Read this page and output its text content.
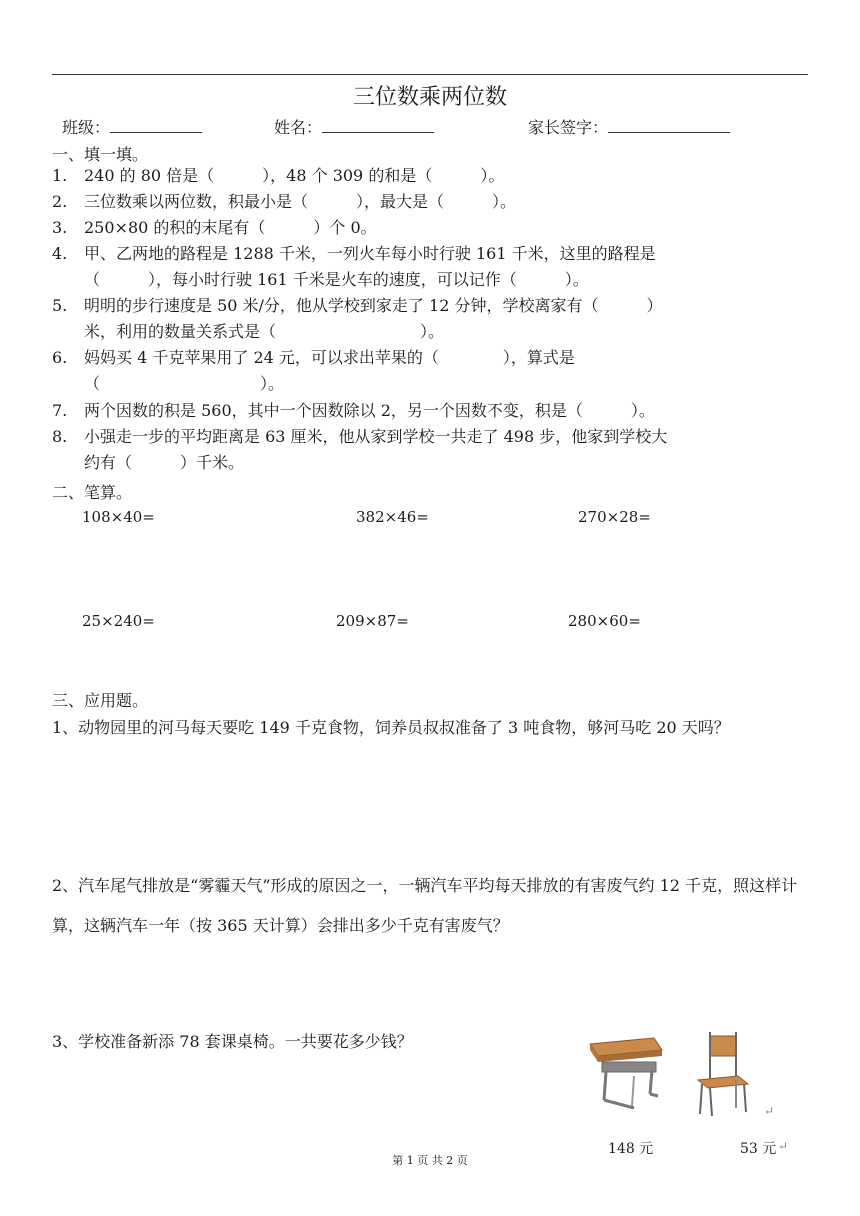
三位数乘两位数
班级：	姓名：	家长签字：
一、填一填。
1.	240 的 80 倍是（　　　），48 个 309 的和是（　　　）。
2.	三位数乘以两位数，积最小是（　　　），最大是（　　　）。
3.	250×80 的积的末尾有（　　　）个 0。
4.	甲、乙两地的路程是 1288 千米，一列火车每小时行驶 161 千米，这里的路程是
（　　　），每小时行驶 161 千米是火车的速度，可以记作（　　　）。
5.	明明的步行速度是 50 米/分，他从学校到家走了 12 分钟，学校离家有（　　　）
米，利用的数量关系式是（　　　　　　　　　）。
6.	妈妈买 4 千克苹果用了 24 元，可以求出苹果的（　　　　），算式是
（　　　　　　　　　　）。
7.	两个因数的积是 560，其中一个因数除以 2，另一个因数不变，积是（　　　）。
8.	小强走一步的平均距离是 63 厘米，他从家到学校一共走了 498 步，他家到学校大
约有（　　　）千米。
二、笔算。
108×40=	382×46=	270×28=
25×240=	209×87=	280×60=
三、应用题。
1、动物园里的河马每天要吃 149 千克食物，饲养员叔叔准备了 3 吨食物，够河马吃 20 天吗？
2、汽车尾气排放是“雾霾天气”形成的原因之一，一辆汽车平均每天排放的有害废气约 12 千克，照这样计算，这辆汽车一年（按 365 天计算）会排出多少千克有害废气？
3、学校准备新添 78 套课桌椅。一共要花多少钱？
↵
148 元	53 元 ↵
第 1 页 共 2 页
